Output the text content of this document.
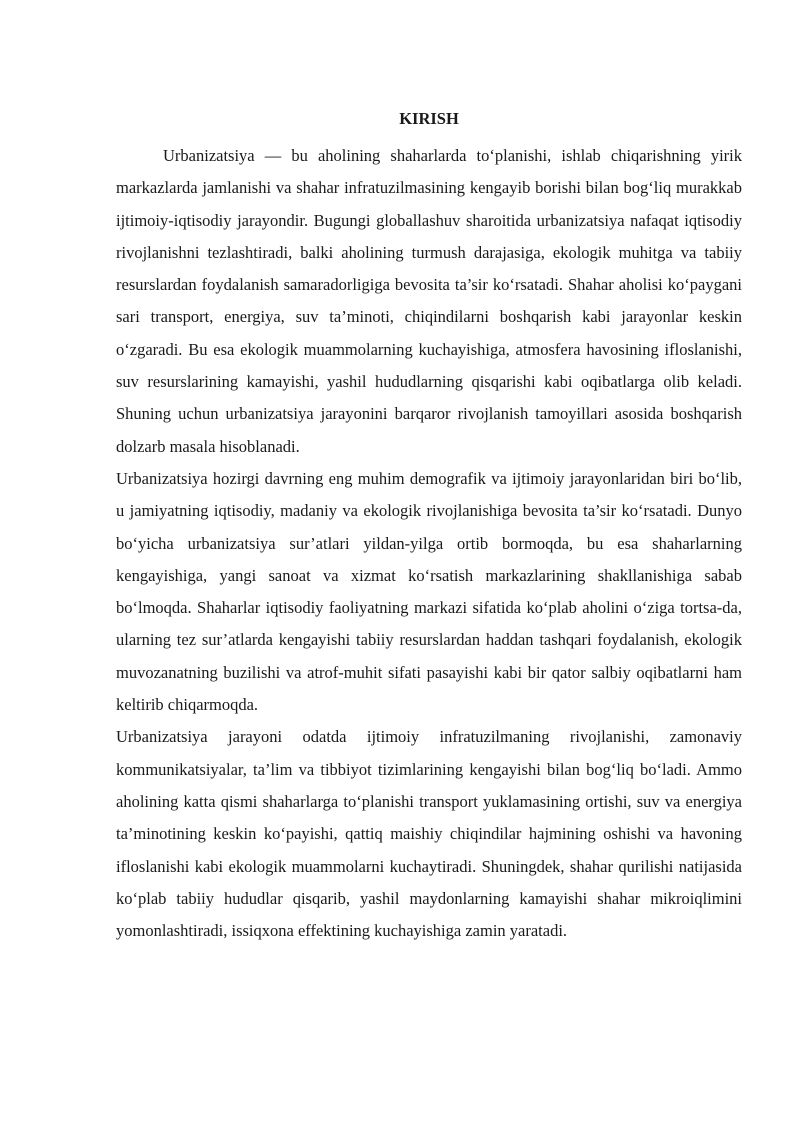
KIRISH

Urbanizatsiya — bu aholining shaharlarda to‘planishi, ishlab chiqarishning yirik markazlarda jamlanishi va shahar infratuzilmasining kengayib borishi bilan bog‘liq murakkab ijtimoiy-iqtisodiy jarayondir. Bugungi globallashuv sharoitida urbanizatsiya nafaqat iqtisodiy rivojlanishni tezlashtiradi, balki aholining turmush darajasiga, ekologik muhitga va tabiiy resurslardan foydalanish samaradorligiga bevosita ta’sir ko‘rsatadi. Shahar aholisi ko‘paygani sari transport, energiya, suv ta’minoti, chiqindilarni boshqarish kabi jarayonlar keskin o‘zgaradi. Bu esa ekologik muammolarning kuchayishiga, atmosfera havosining ifloslanishi, suv resurslarining kamayishi, yashil hududlarning qisqarishi kabi oqibatlarga olib keladi. Shuning uchun urbanizatsiya jarayonini barqaror rivojlanish tamoyillari asosida boshqarish dolzarb masala hisoblanadi.

Urbanizatsiya hozirgi davrning eng muhim demografik va ijtimoiy jarayonlaridan biri bo‘lib, u jamiyatning iqtisodiy, madaniy va ekologik rivojlanishiga bevosita ta’sir ko‘rsatadi. Dunyo bo‘yicha urbanizatsiya sur’atlari yildan-yilga ortib bormoqda, bu esa shaharlarning kengayishiga, yangi sanoat va xizmat ko‘rsatish markazlarining shakllanishiga sabab bo‘lmoqda. Shaharlar iqtisodiy faoliyatning markazi sifatida ko‘plab aholini o‘ziga tortsa-da, ularning tez sur’atlarda kengayishi tabiiy resurslardan haddan tashqari foydalanish, ekologik muvozanatning buzilishi va atrof-muhit sifati pasayishi kabi bir qator salbiy oqibatlarni ham keltirib chiqarmoqda.

Urbanizatsiya jarayoni odatda ijtimoiy infratuzilmaning rivojlanishi, zamonaviy kommunikatsiyalar, ta’lim va tibbiyot tizimlarining kengayishi bilan bog‘liq bo‘ladi. Ammo aholining katta qismi shaharlarga to‘planishi transport yuklamasining ortishi, suv va energiya ta’minotining keskin ko‘payishi, qattiq maishiy chiqindilar hajmining oshishi va havoning ifloslanishi kabi ekologik muammolarni kuchaytiradi. Shuningdek, shahar qurilishi natijasida ko‘plab tabiiy hududlar qisqarib, yashil maydonlarning kamayishi shahar mikroiqlimini yomonlashtiradi, issiqxona effektining kuchayishiga zamin yaratadi.
